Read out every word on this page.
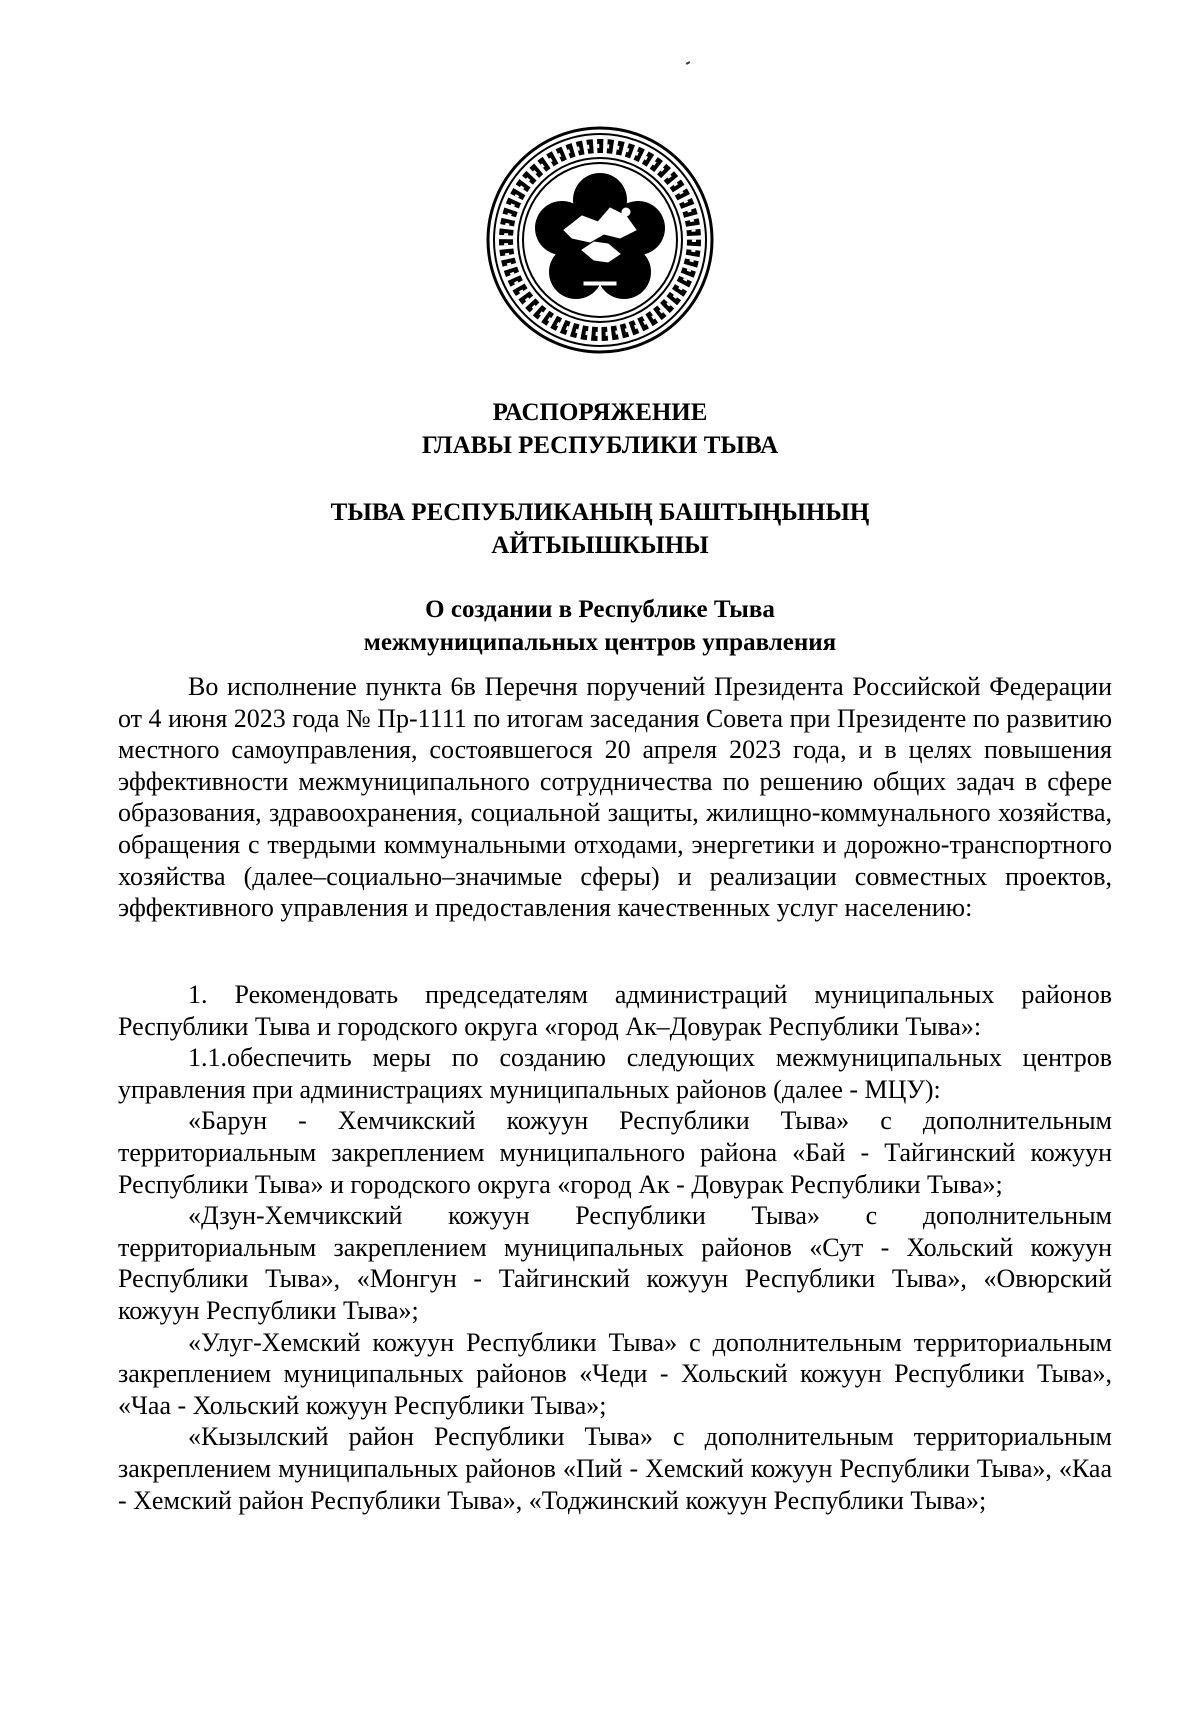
РАСПОРЯЖЕНИЕ
ГЛАВЫ РЕСПУБЛИКИ ТЫВА
ТЫВА РЕСПУБЛИКАНЫҢ БАШТЫҢЫНЫҢ
АЙТЫЫШКЫНЫ
О создании в Республике Тыва
межмуниципальных центров управления

Во исполнение пункта 6в Перечня поручений Президента Российской Федерации от 4 июня 2023 года № Пр-1111 по итогам заседания Совета при Президенте по развитию местного самоуправления, состоявшегося 20 апреля 2023 года, и в целях повышения эффективности межмуниципального сотрудничества по решению общих задач в сфере образования, здравоохранения, социальной защиты, жилищно-коммунального хозяйства, обращения с твердыми коммунальными отходами, энергетики и дорожно-транспортного хозяйства (далее–социально–значимые сферы) и реализации совместных проектов, эффективного управления и предоставления качественных услуг населению:

1. Рекомендовать председателям администраций муниципальных районов Республики Тыва и городского округа «город Ак–Довурак Республики Тыва»:

1.1.обеспечить меры по созданию следующих межмуниципальных центров управления при администрациях муниципальных районов (далее - МЦУ):

«Барун - Хемчикский кожуун Республики Тыва» с дополнительным территориальным закреплением муниципального района «Бай - Тайгинский кожуун Республики Тыва» и городского округа «город Ак - Довурак Республики Тыва»;

«Дзун-Хемчикский кожуун Республики Тыва» с дополнительным территориальным закреплением муниципальных районов «Сут - Хольский кожуун Республики Тыва», «Монгун - Тайгинский кожуун Республики Тыва», «Овюрский кожуун Республики Тыва»;

«Улуг-Хемский кожуун Республики Тыва» с дополнительным территориальным закреплением муниципальных районов «Чеди - Хольский кожуун Республики Тыва», «Чаа - Хольский кожуун Республики Тыва»;

«Кызылский район Республики Тыва» с дополнительным территориальным закреплением муниципальных районов «Пий - Хемский кожуун Республики Тыва», «Каа - Хемский район Республики Тыва», «Тоджинский кожуун Республики Тыва»;
